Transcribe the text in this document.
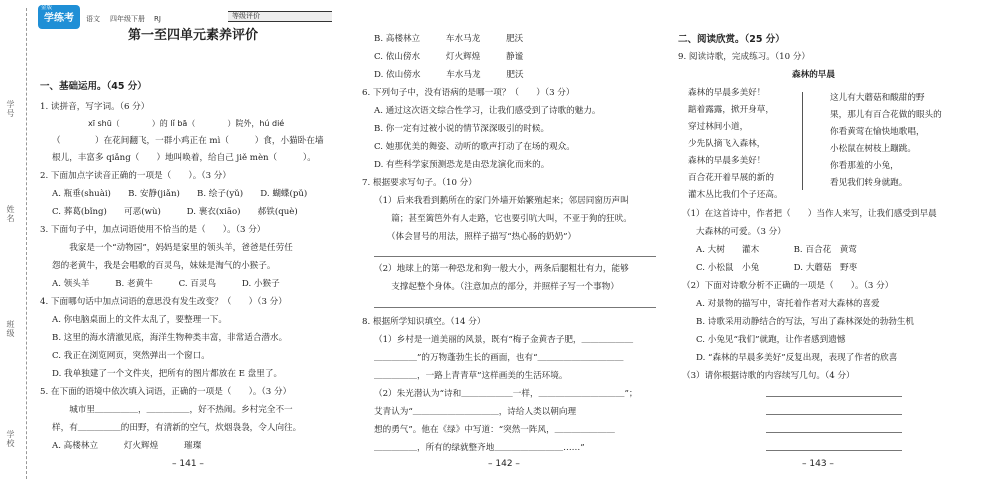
学号
姓名
班级
学校
金版
学练考	语文 四年级下册 RJ	等级评价
第一至四单元素养评价
一、基础运用。（45 分）
1. 读拼音，写字词。（6 分）
xī shū（　　　　）的 lǐ bā（　　　　）院外，hú dié
（　　　　）在花间翻飞，一群小鸡正在 mì（　　　）食，小猫卧在墙
根儿，丰富多 qiǎng（　　）地叫唤着，给自己 jiě mèn（　　　）。
2. 下面加点字读音正确的一项是（　　）。（3 分）
A. 瓶垂(shuài)　　B. 安静(jiǎn)　　B. 绘子(yǔ)　　D. 蝴蝶(pǔ)
C. 葬葛(bǐng)　　可恶(wù)　　　D. 裹衣(xiāo)　　郝铁(què)
3. 下面句子中，加点词语使用不恰当的是（　　）。（3 分）
　　我家是一个“动物园”，妈妈是家里的领头羊，爸爸是任劳任
怨的老黄牛，我是会唱歌的百灵鸟，妹妹是淘气的小猴子。
A. 领头羊　　　B. 老黄牛　　　C. 百灵鸟　　　D. 小猴子
4. 下面哪句话中加点词语的意思没有发生改变？（　　）（3 分）
A. 你电脑桌面上的文件太乱了，要整理一下。
B. 这里的海水清澈见底，海洋生物种类丰富，非常适合潜水。
C. 我正在浏览网页，突然弹出一个窗口。
D. 我单独建了一个文件夹，把所有的图片都放在 E 盘里了。
5. 在下面的语境中依次填入词语，正确的一项是（　　）。（3 分）
　　城市里＿＿＿＿＿，＿＿＿＿＿，好不热闹。乡村完全不一
样，有＿＿＿＿＿的田野，有清新的空气，炊烟袅袅，令人向往。
A. 高楼林立　　　灯火辉煌　　　璀璨
– 141 –
B. 高楼林立　　　车水马龙　　　肥沃
C. 依山傍水　　　灯火辉煌　　　静谧
D. 依山傍水　　　车水马龙　　　肥沃
6. 下列句子中，没有语病的是哪一项？（　　）（3 分）
A. 通过这次语文综合性学习，让我们感受到了诗歌的魅力。
B. 你一定有过被小说的情节深深吸引的时候。
C. 她那优美的舞姿、动听的歌声打动了在场的观众。
D. 有些科学家预测恐龙是由恐龙演化而来的。
7. 根据要求写句子。（10 分）
（1）后来我看到鹅所在的家门外墙开始繁殖起来；邻居同窗历声叫
　　篇；甚至篱笆外有人走路，它也要引吭大叫，不亚于狗的狂吠。
　　（体会冒号的用法，照样子描写“热心肠的奶奶”）
（2）地球上的第一种恐龙和狗一般大小，两条后腿粗壮有力，能够
　　支撑起整个身体。（注意加点的部分，并照样子写一个事物）
8. 根据所学知识填空。（14 分）
（1）乡村是一道美丽的风景，既有“梅子金黄杏子肥，＿＿＿＿＿＿
＿＿＿＿＿”的万物蓬勃生长的画面，也有“＿＿＿＿＿＿＿＿＿＿
＿＿＿＿＿，一路上青青草”这样画美的生活环境。
（2）朱光潜认为“诗和＿＿＿＿＿＿一样，＿＿＿＿＿＿＿＿＿＿”；
艾青认为“＿＿＿＿＿＿＿＿＿＿，诗给人类以朝向理
想的勇气”。他在《绿》中写道：“突然一阵风，＿＿＿＿＿＿＿
＿＿＿＿＿，所有的绿就整齐地＿＿＿＿＿＿＿＿……”
– 142 –
二、阅读欣赏。（25 分）
9. 阅读诗歌，完成练习。（10 分）
森林的早晨
森林的早晨多美好！
踮着露露，掀开身草，
穿过林间小道，
少先队摘飞入森林，
森林的早晨多美好！
百合花开着早展的新的
灌木丛比我们个子还高。
这儿有大蘑菇和酸甜的野
果，那儿有百合花做的眼头的
你看黄莺在愉快地歌唱，
小松鼠在树枝上蹦跳。
你看那羞的小兔，
看见我们转身就跑。
（1）在这首诗中，作者把（　　）当作人来写，让我们感受到早晨
大森林的可爱。（3 分）
A. 大树　　灌木　　　　B. 百合花　黄莺
C. 小松鼠　小兔　　　　D. 大蘑菇　野枣
（2）下面对诗歌分析不正确的一项是（　　）。（3 分）
A. 对景物的描写中，寄托着作者对大森林的喜爱
B. 诗歌采用动静结合的写法，写出了森林深处的勃勃生机
C. 小兔见“我们”就跑，让作者感到遗憾
D. “森林的早晨多美好”反复出现，表现了作者的欣喜
（3）请你根据诗歌的内容续写几句。（4 分）
– 143 –
